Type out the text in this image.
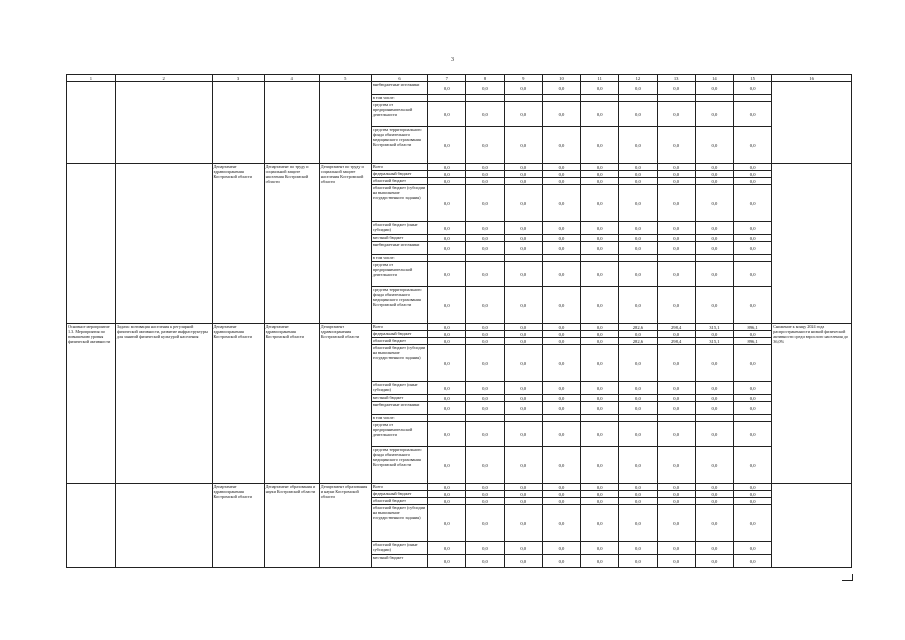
3
1	2	3	4	5	6	7	8	9	10	11	12	13	14	15	16
					внебюджетные источники	0,0	0,0	0,0	0,0	0,0	0,0	0,0	0,0	0,0	
					в том числе:										
					средства от предпринимательской деятельности	0,0	0,0	0,0	0,0	0,0	0,0	0,0	0,0	0,0	
					средства территориального фонда обязательного медицинского страхования Костромской области	0,0	0,0	0,0	0,0	0,0	0,0	0,0	0,0	0,0	
		Департамент здравоохранения Костромской области	Департамент по труду и социальной защите населения Костромской области	Департамент по труду и социальной защите населения Костромской области	Всего	0,0	0,0	0,0	0,0	0,0	0,0	0,0	0,0	0,0	
					федеральный бюджет	0,0	0,0	0,0	0,0	0,0	0,0	0,0	0,0	0,0	
					областной бюджет	0,0	0,0	0,0	0,0	0,0	0,0	0,0	0,0	0,0	
					областной бюджет (субсидии на выполнение государственного задания)	0,0	0,0	0,0	0,0	0,0	0,0	0,0	0,0	0,0	
					областной бюджет (иные субсидии)	0,0	0,0	0,0	0,0	0,0	0,0	0,0	0,0	0,0	
					местный бюджет	0,0	0,0	0,0	0,0	0,0	0,0	0,0	0,0	0,0	
					внебюджетные источники	0,0	0,0	0,0	0,0	0,0	0,0	0,0	0,0	0,0	
					в том числе:										
					средства от предпринимательской деятельности	0,0	0,0	0,0	0,0	0,0	0,0	0,0	0,0	0,0	
					средства территориального фонда обязательного медицинского страхования Костромской области	0,0	0,0	0,0	0,0	0,0	0,0	0,0	0,0	0,0	
Основное мероприятие 1.3. Мероприятия по повышению уровня физической активности	Задача: мотивация населения к регулярной физической активности, развитие инфраструктуры для занятий физической культурой населения	Департамент здравоохранения Костромской области	Департамент здравоохранения Костромской области	Департамент здравоохранения Костромской области	Всего	0,0	0,0	0,0	0,0	0,0	282,6	298,4	315,1	896,1	Снижение к концу 2024 года распространенности низкой физической активности среди взрослого населения до 36,0%
					федеральный бюджет	0,0	0,0	0,0	0,0	0,0	0,0	0,0	0,0	0,0	
					областной бюджет	0,0	0,0	0,0	0,0	0,0	282,6	298,4	315,1	896,1	
					областной бюджет (субсидии на выполнение государственного задания)	0,0	0,0	0,0	0,0	0,0	0,0	0,0	0,0	0,0	
					областной бюджет (иные субсидии)	0,0	0,0	0,0	0,0	0,0	0,0	0,0	0,0	0,0	
					местный бюджет	0,0	0,0	0,0	0,0	0,0	0,0	0,0	0,0	0,0	
					внебюджетные источники	0,0	0,0	0,0	0,0	0,0	0,0	0,0	0,0	0,0	
					в том числе:										
					средства от предпринимательской деятельности	0,0	0,0	0,0	0,0	0,0	0,0	0,0	0,0	0,0	
					средства территориального фонда обязательного медицинского страхования Костромской области	0,0	0,0	0,0	0,0	0,0	0,0	0,0	0,0	0,0	
		Департамент здравоохранения Костромской области	Департамент образования и науки Костромской области	Департамент образования и науки Костромской области	Всего	0,0	0,0	0,0	0,0	0,0	0,0	0,0	0,0	0,0	
					федеральный бюджет	0,0	0,0	0,0	0,0	0,0	0,0	0,0	0,0	0,0	
					областной бюджет	0,0	0,0	0,0	0,0	0,0	0,0	0,0	0,0	0,0	
					областной бюджет (субсидии на выполнение государственного задания)	0,0	0,0	0,0	0,0	0,0	0,0	0,0	0,0	0,0	
					областной бюджет (иные субсидии)	0,0	0,0	0,0	0,0	0,0	0,0	0,0	0,0	0,0	
					местный бюджет	0,0	0,0	0,0	0,0	0,0	0,0	0,0	0,0	0,0	
